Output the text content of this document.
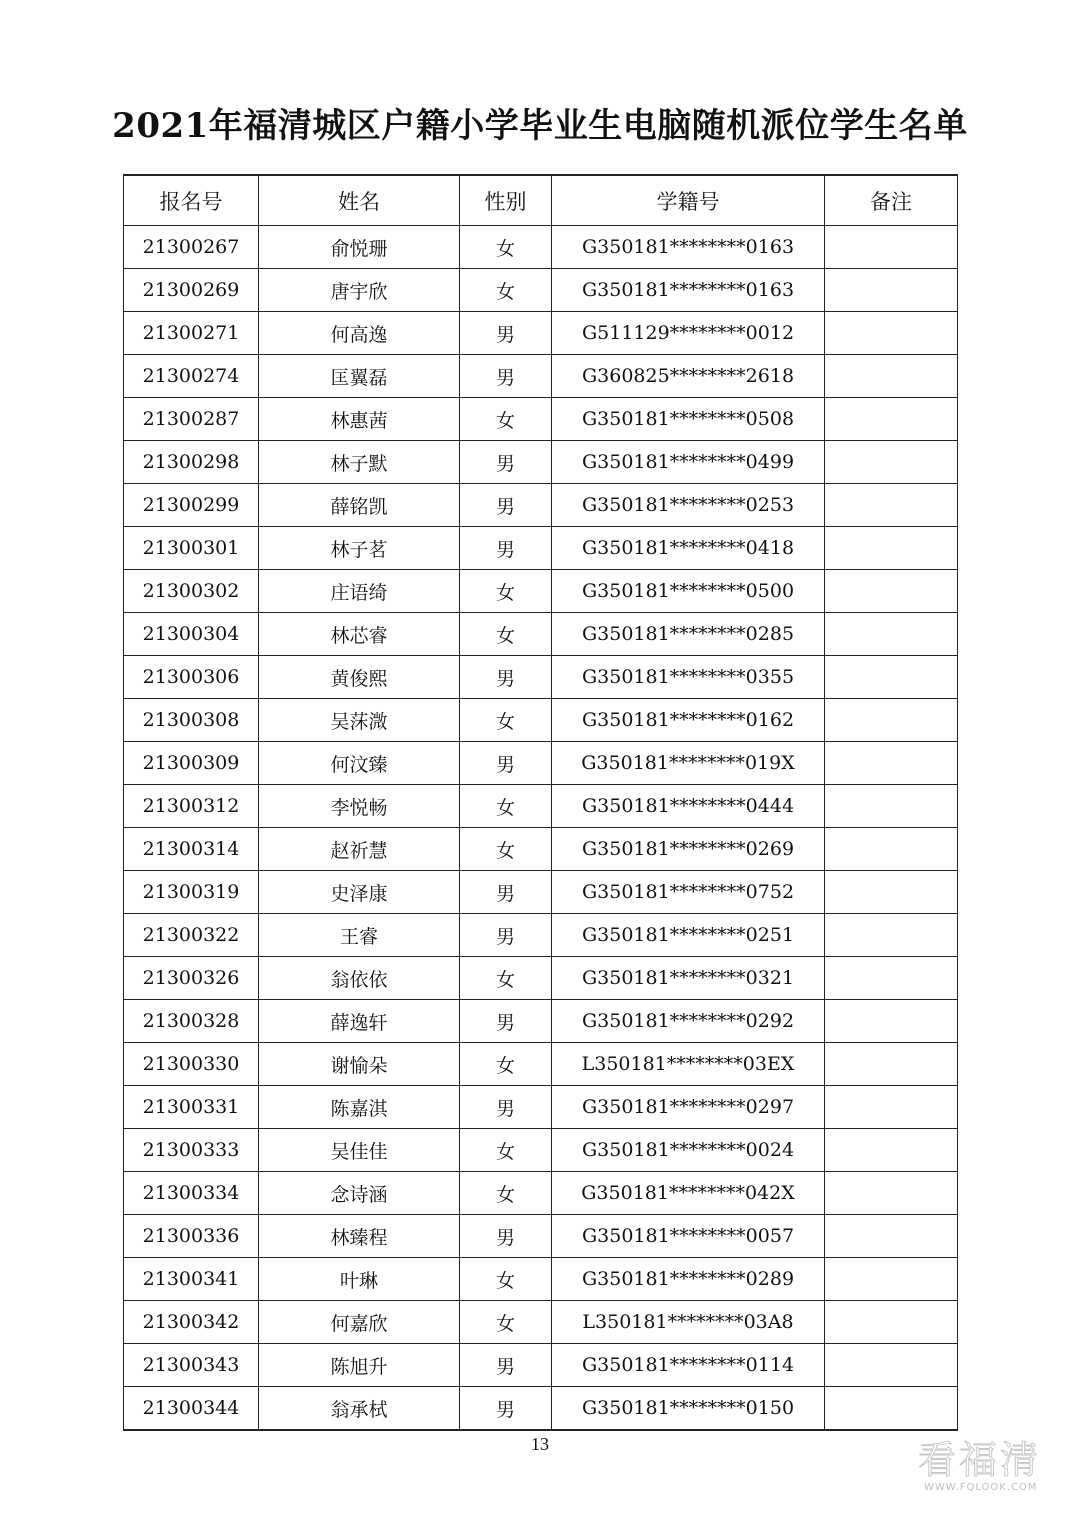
2021年福清城区户籍小学毕业生电脑随机派位学生名单
报名号	姓名	性别	学籍号	备注
21300267	俞悦珊	女	G350181********0163	
21300269	唐宇欣	女	G350181********0163	
21300271	何高逸	男	G511129********0012	
21300274	匡翼磊	男	G360825********2618	
21300287	林惠茜	女	G350181********0508	
21300298	林子默	男	G350181********0499	
21300299	薛铭凯	男	G350181********0253	
21300301	林子茗	男	G350181********0418	
21300302	庄语绮	女	G350181********0500	
21300304	林芯睿	女	G350181********0285	
21300306	黄俊熙	男	G350181********0355	
21300308	吴莯溦	女	G350181********0162	
21300309	何汶臻	男	G350181********019X	
21300312	李悦畅	女	G350181********0444	
21300314	赵祈慧	女	G350181********0269	
21300319	史泽康	男	G350181********0752	
21300322	王睿	男	G350181********0251	
21300326	翁依依	女	G350181********0321	
21300328	薛逸轩	男	G350181********0292	
21300330	谢愉朵	女	L350181********03EX	
21300331	陈嘉淇	男	G350181********0297	
21300333	吴佳佳	女	G350181********0024	
21300334	念诗涵	女	G350181********042X	
21300336	林臻程	男	G350181********0057	
21300341	叶琳	女	G350181********0289	
21300342	何嘉欣	女	L350181********03A8	
21300343	陈旭升	男	G350181********0114	
21300344	翁承栻	男	G350181********0150	
13	看福清
WWW.FQLOOK.COM
